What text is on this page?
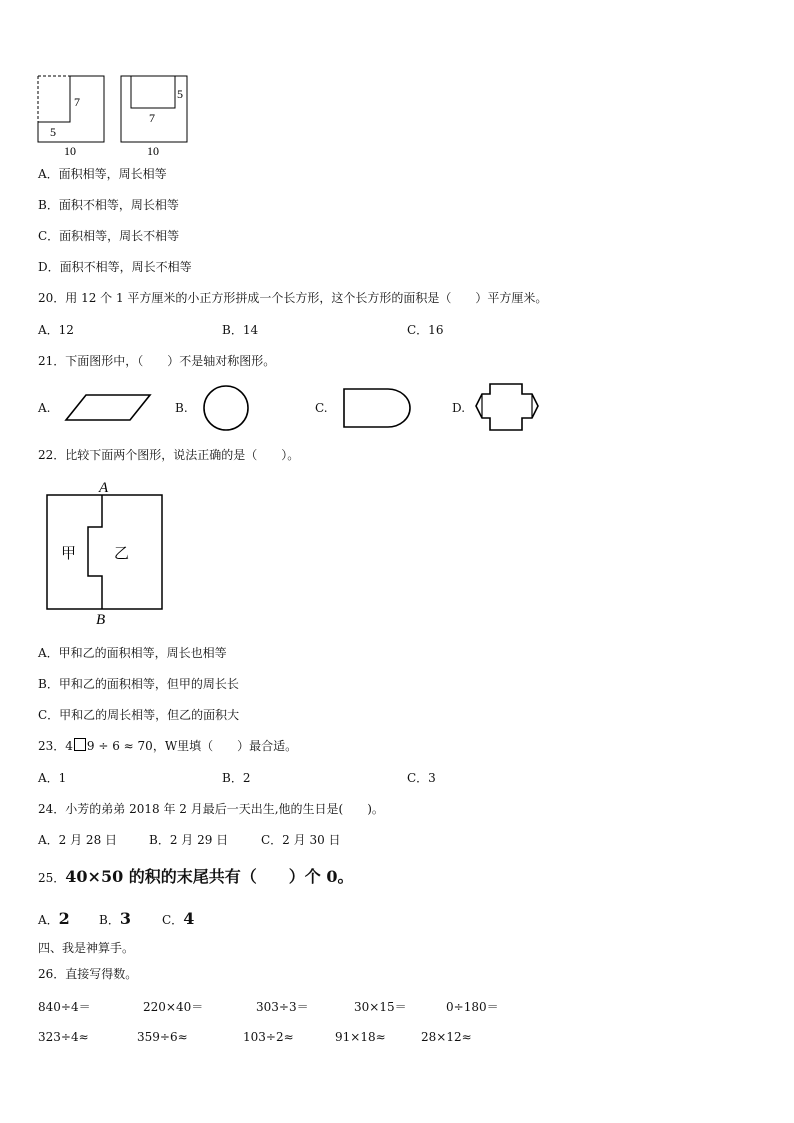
7
5
10
5
7
10
A．面积相等，周长相等
B．面积不相等，周长相等
C．面积相等，周长不相等
D．面积不相等，周长不相等
20．用 12 个 1 平方厘米的小正方形拼成一个长方形，这个长方形的面积是（　　）平方厘米。
A．12	B．14	C．16
21．下面图形中，（　　）不是轴对称图形。
A.	B.	C.	D.
22．比较下面两个图形，说法正确的是（　　）。
A
B
甲	乙
A．甲和乙的面积相等，周长也相等
B．甲和乙的面积相等，但甲的周长长
C．甲和乙的周长相等，但乙的面积大
23．4 9 ÷ 6 ≈ 70，W里填（　　）最合适。
A．1	B．2	C．3
24．小芳的弟弟 2018 年 2 月最后一天出生,他的生日是(　　)。
A．2 月 28 日	B．2 月 29 日	C．2 月 30 日
25．40×50 的积的末尾共有（　　）个 0。
A．2 B．3	C．4
四、我是神算手。
26．直接写得数。
840÷4＝	220×40＝	303÷3＝	30×15＝	0÷180＝
323÷4≈	359÷6≈	103÷2≈	91×18≈	28×12≈
